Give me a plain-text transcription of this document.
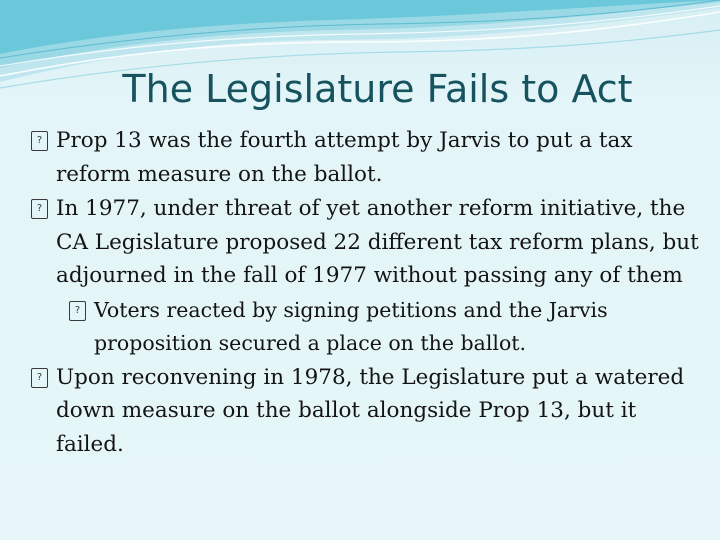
The Legislature Fails to Act
? Prop 13 was the fourth attempt by Jarvis to put a tax reform measure on the ballot.
? In 1977, under threat of yet another reform initiative, the CA Legislature proposed 22 different tax reform plans, but adjourned in the fall of 1977 without passing any of them
? Voters reacted by signing petitions and the Jarvis proposition secured a place on the ballot.
? Upon reconvening in 1978, the Legislature put a watered down measure on the ballot alongside Prop 13, but it failed.
